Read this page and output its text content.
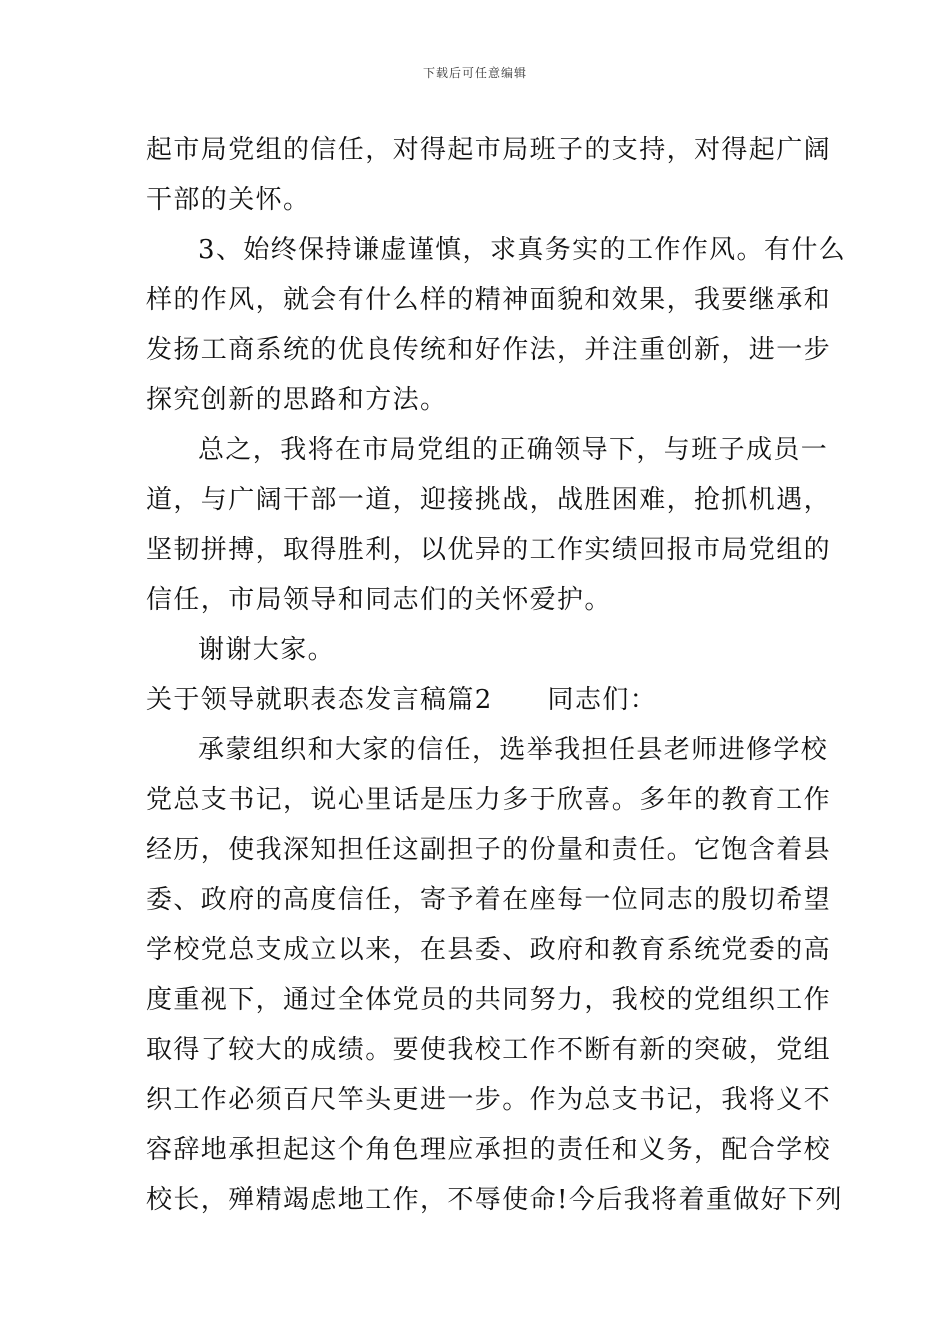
下载后可任意编辑
起市局党组的信任，对得起市局班子的支持，对得起广阔
干部的关怀。
3、始终保持谦虚谨慎，求真务实的工作作风。有什么
样的作风，就会有什么样的精神面貌和效果，我要继承和
发扬工商系统的优良传统和好作法，并注重创新，进一步
探究创新的思路和方法。
总之，我将在市局党组的正确领导下，与班子成员一
道，与广阔干部一道，迎接挑战，战胜困难，抢抓机遇，
坚韧拼搏，取得胜利，以优异的工作实绩回报市局党组的
信任，市局领导和同志们的关怀爱护。
谢谢大家。
关于领导就职表态发言稿篇2　　同志们：
承蒙组织和大家的信任，选举我担任县老师进修学校
党总支书记，说心里话是压力多于欣喜。多年的教育工作
经历，使我深知担任这副担子的份量和责任。它饱含着县
委、政府的高度信任，寄予着在座每一位同志的殷切希望
学校党总支成立以来，在县委、政府和教育系统党委的高
度重视下，通过全体党员的共同努力，我校的党组织工作
取得了较大的成绩。要使我校工作不断有新的突破，党组
织工作必须百尺竿头更进一步。作为总支书记，我将义不
容辞地承担起这个角色理应承担的责任和义务，配合学校
校长，殚精竭虑地工作，不辱使命!今后我将着重做好下列
